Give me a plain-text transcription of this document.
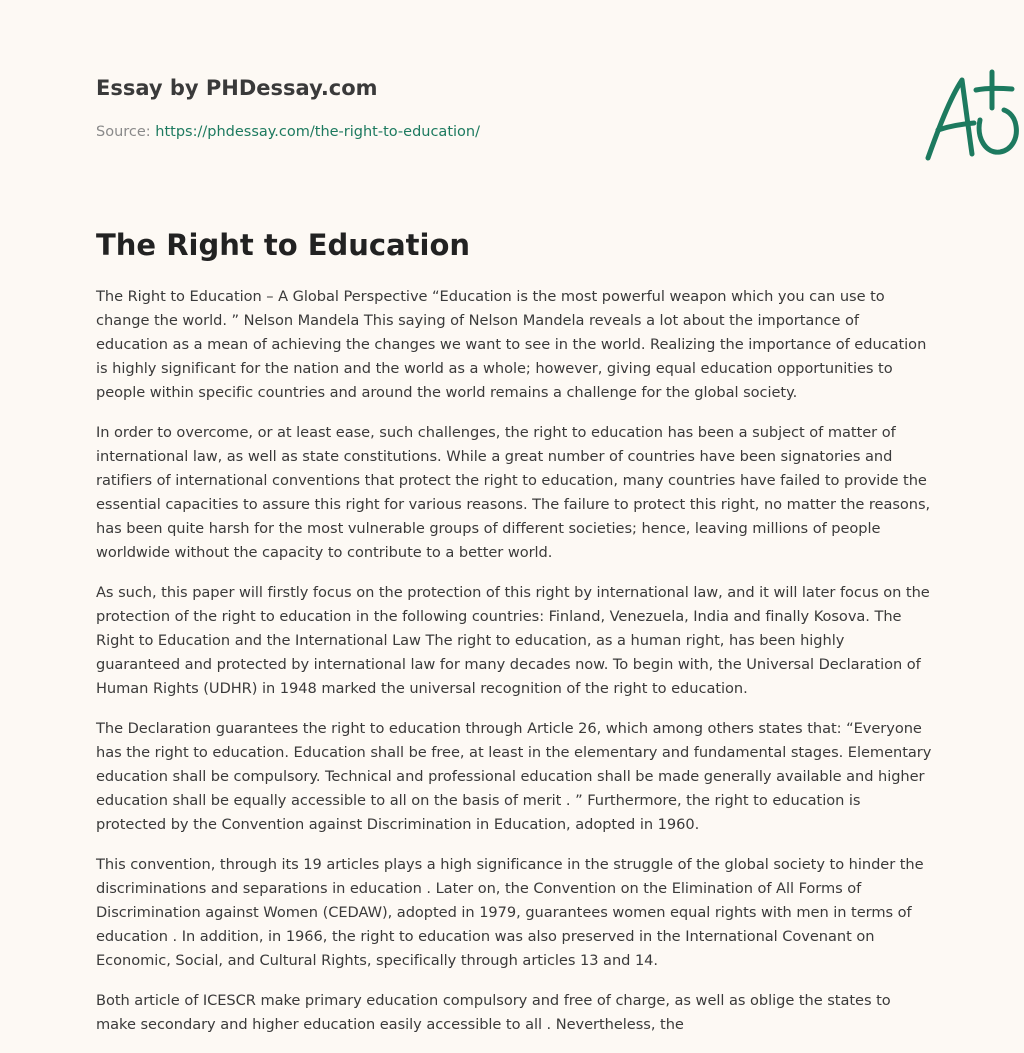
Essay by PHDessay.com
Source: https://phdessay.com/the-right-to-education/
The Right to Education

The Right to Education – A Global Perspective “Education is the most powerful weapon which you can use to change the world. ” Nelson Mandela This saying of Nelson Mandela reveals a lot about the importance of education as a mean of achieving the changes we want to see in the world. Realizing the importance of education is highly significant for the nation and the world as a whole; however, giving equal education opportunities to people within specific countries and around the world remains a challenge for the global society.

In order to overcome, or at least ease, such challenges, the right to education has been a subject of matter of international law, as well as state constitutions. While a great number of countries have been signatories and ratifiers of international conventions that protect the right to education, many countries have failed to provide the essential capacities to assure this right for various reasons. The failure to protect this right, no matter the reasons, has been quite harsh for the most vulnerable groups of different societies; hence, leaving millions of people worldwide without the capacity to contribute to a better world.

As such, this paper will firstly focus on the protection of this right by international law, and it will later focus on the protection of the right to education in the following countries: Finland, Venezuela, India and finally Kosova. The Right to Education and the International Law The right to education, as a human right, has been highly guaranteed and protected by international law for many decades now. To begin with, the Universal Declaration of Human Rights (UDHR) in 1948 marked the universal recognition of the right to education.

The Declaration guarantees the right to education through Article 26, which among others states that: “Everyone has the right to education. Education shall be free, at least in the elementary and fundamental stages. Elementary education shall be compulsory. Technical and professional education shall be made generally available and higher education shall be equally accessible to all on the basis of merit . ” Furthermore, the right to education is protected by the Convention against Discrimination in Education, adopted in 1960.

This convention, through its 19 articles plays a high significance in the struggle of the global society to hinder the discriminations and separations in education . Later on, the Convention on the Elimination of All Forms of Discrimination against Women (CEDAW), adopted in 1979, guarantees women equal rights with men in terms of education . In addition, in 1966, the right to education was also preserved in the International Covenant on Economic, Social, and Cultural Rights, specifically through articles 13 and 14.

Both article of ICESCR make primary education compulsory and free of charge, as well as oblige the states to make secondary and higher education easily accessible to all . Nevertheless, the
